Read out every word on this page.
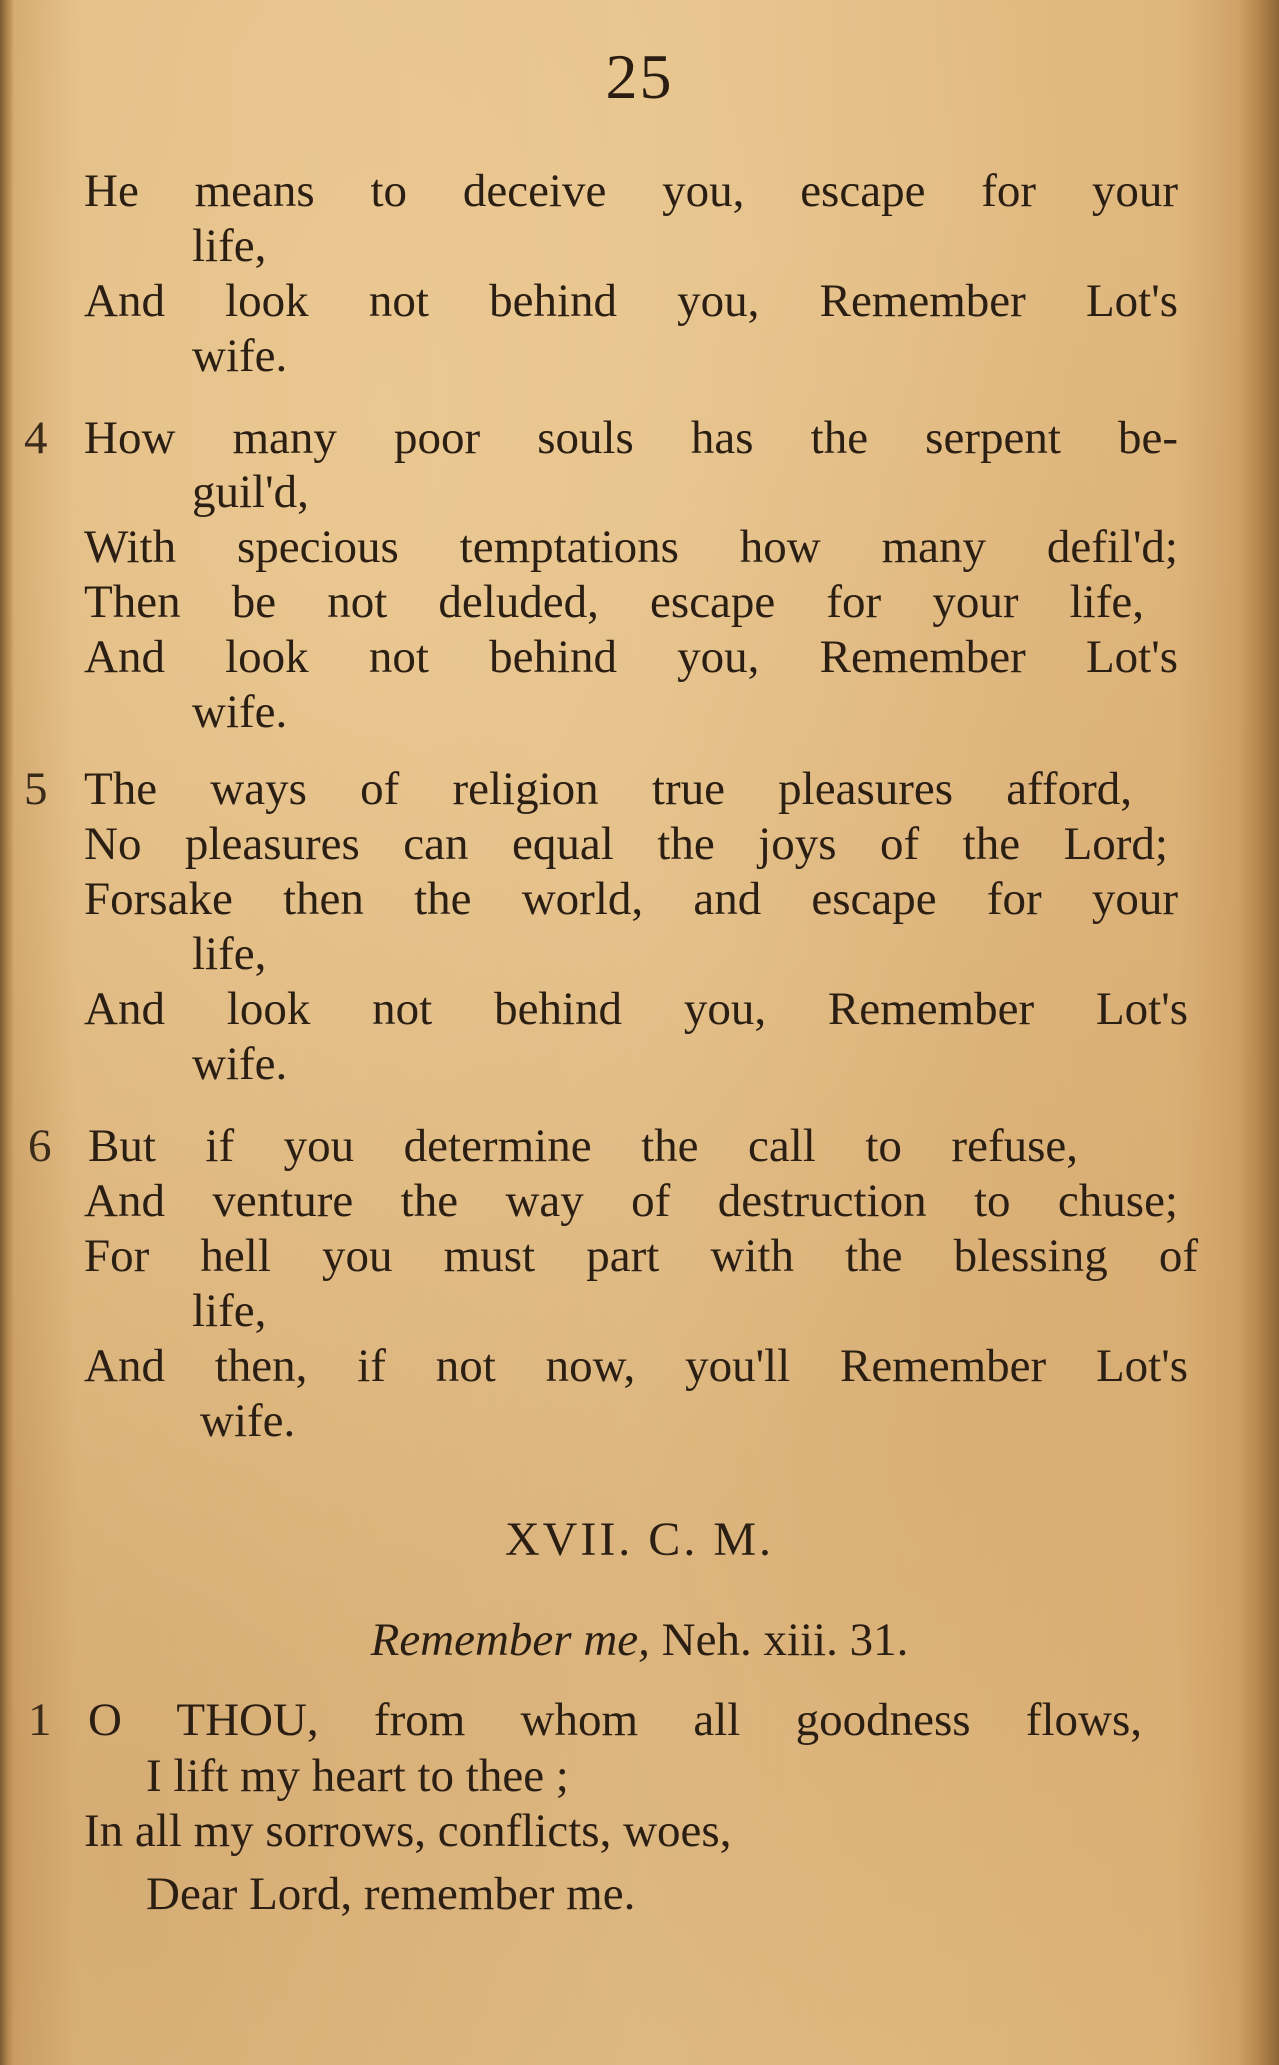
25
He means to deceive you, escape for your
life,
And look not behind you, Remember Lot's
wife.
4 How many poor souls has the serpent be-
guil'd,
With specious temptations how many defil'd;
Then be not deluded, escape for your life,
And look not behind you, Remember Lot's
wife.
5 The ways of religion true pleasures afford,
No pleasures can equal the joys of the Lord;
Forsake then the world, and escape for your
life,
And look not behind you, Remember Lot's
wife.
6 But if you determine the call to refuse,
And venture the way of destruction to chuse;
For hell you must part with the blessing of
life,
And then, if not now, you'll Remember Lot's
wife.
XVII. C. M.
Remember me, Neh. xiii. 31.
1 O THOU, from whom all goodness flows,
I lift my heart to thee ;
In all my sorrows, conflicts, woes,
Dear Lord, remember me.
